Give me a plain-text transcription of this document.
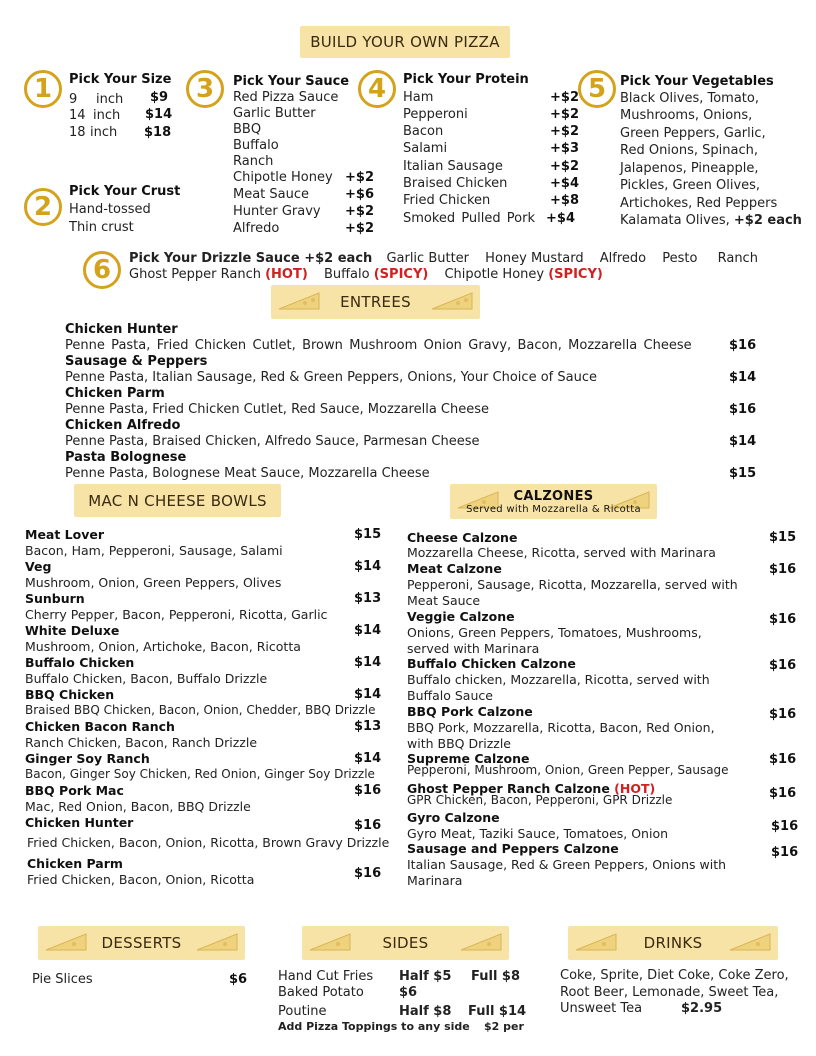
BUILD YOUR OWN PIZZA
1	Pick Your Size
9 inch $9
14 inch $14
18 inch $18
2
Pick Your Crust
Hand-tossed
Thin crust
3	Pick Your Sauce
Red Pizza Sauce
Garlic Butter
BBQ
Buffalo
Ranch
Chipotle Honey +$2
Meat Sauce	+$6
Hunter Gravy +$2
Alfredo	+$2
4	Pick Your Protein
Ham	+$2
Pepperoni	+$2
Bacon	+$2
Salami	+$3
Italian Sausage	+$2
Braised Chicken	+$4
Fried Chicken	+$8
Smoked Pulled Pork +$4
5	Pick Your Vegetables
Black Olives, Tomato,
Mushrooms, Onions,
Green Peppers, Garlic,
Red Onions, Spinach,
Jalapenos, Pineapple,
Pickles, Green Olives,
Artichokes, Red Peppers
Kalamata Olives, +$2 each
6	Pick Your Drizzle Sauce +$2 each Garlic Butter Honey Mustard Alfredo Pesto Ranch
Ghost Pepper Ranch (HOT) Buffalo (SPICY) Chipotle Honey (SPICY)
ENTREES
Chicken Hunter
Penne Pasta, Fried Chicken Cutlet, Brown Mushroom Onion Gravy, Bacon, Mozzarella Cheese	$16
Sausage & Peppers
Penne Pasta, Italian Sausage, Red & Green Peppers, Onions, Your Choice of Sauce	$14
Chicken Parm
Penne Pasta, Fried Chicken Cutlet, Red Sauce, Mozzarella Cheese	$16
Chicken Alfredo
Penne Pasta, Braised Chicken, Alfredo Sauce, Parmesan Cheese	$14
Pasta Bolognese
Penne Pasta, Bolognese Meat Sauce, Mozzarella Cheese	$15
MAC N CHEESE BOWLS
Meat Lover	$15
Bacon, Ham, Pepperoni, Sausage, Salami
Veg	$14
Mushroom, Onion, Green Peppers, Olives
Sunburn	$13
Cherry Pepper, Bacon, Pepperoni, Ricotta, Garlic
White Deluxe	$14
Mushroom, Onion, Artichoke, Bacon, Ricotta
Buffalo Chicken	$14
Buffalo Chicken, Bacon, Buffalo Drizzle
BBQ Chicken	$14
Braised BBQ Chicken, Bacon, Onion, Chedder, BBQ Drizzle
Chicken Bacon Ranch	$13
Ranch Chicken, Bacon, Ranch Drizzle
Ginger Soy Ranch	$14
Bacon, Ginger Soy Chicken, Red Onion, Ginger Soy Drizzle
BBQ Pork Mac	$16
Mac, Red Onion, Bacon, BBQ Drizzle
Chicken Hunter	$16
Fried Chicken, Bacon, Onion, Ricotta, Brown Gravy Drizzle
Chicken Parm
$16
Fried Chicken, Bacon, Onion, Ricotta
CALZONES
Served with Mozzarella & Ricotta
Cheese Calzone	$15
Mozzarella Cheese, Ricotta, served with Marinara
Meat Calzone	$16
Pepperoni, Sausage, Ricotta, Mozzarella, served with Meat Sauce
Veggie Calzone	$16
Onions, Green Peppers, Tomatoes, Mushrooms, served with Marinara
Buffalo Chicken Calzone	$16
Buffalo chicken, Mozzarella, Ricotta, served with Buffalo Sauce
BBQ Pork Calzone	$16
BBQ Pork, Mozzarella, Ricotta, Bacon, Red Onion, with BBQ Drizzle
Supreme Calzone	$16
Pepperoni, Mushroom, Onion, Green Pepper, Sausage
Ghost Pepper Ranch Calzone (HOT)	$16
GPR Chicken, Bacon, Pepperoni, GPR Drizzle
Gyro Calzone
$16
Gyro Meat, Taziki Sauce, Tomatoes, Onion
Sausage and Peppers Calzone	$16
Italian Sausage, Red & Green Peppers, Onions with Marinara
DESSERTS
Pie Slices	$6
SIDES
Hand Cut Fries Half $5 Full $8
Baked Potato	$6
Poutine	Half $8 Full $14
Add Pizza Toppings to any side $2 per
DRINKS
Coke, Sprite, Diet Coke, Coke Zero, Root Beer, Lemonade, Sweet Tea,
Unsweet Tea	$2.95
